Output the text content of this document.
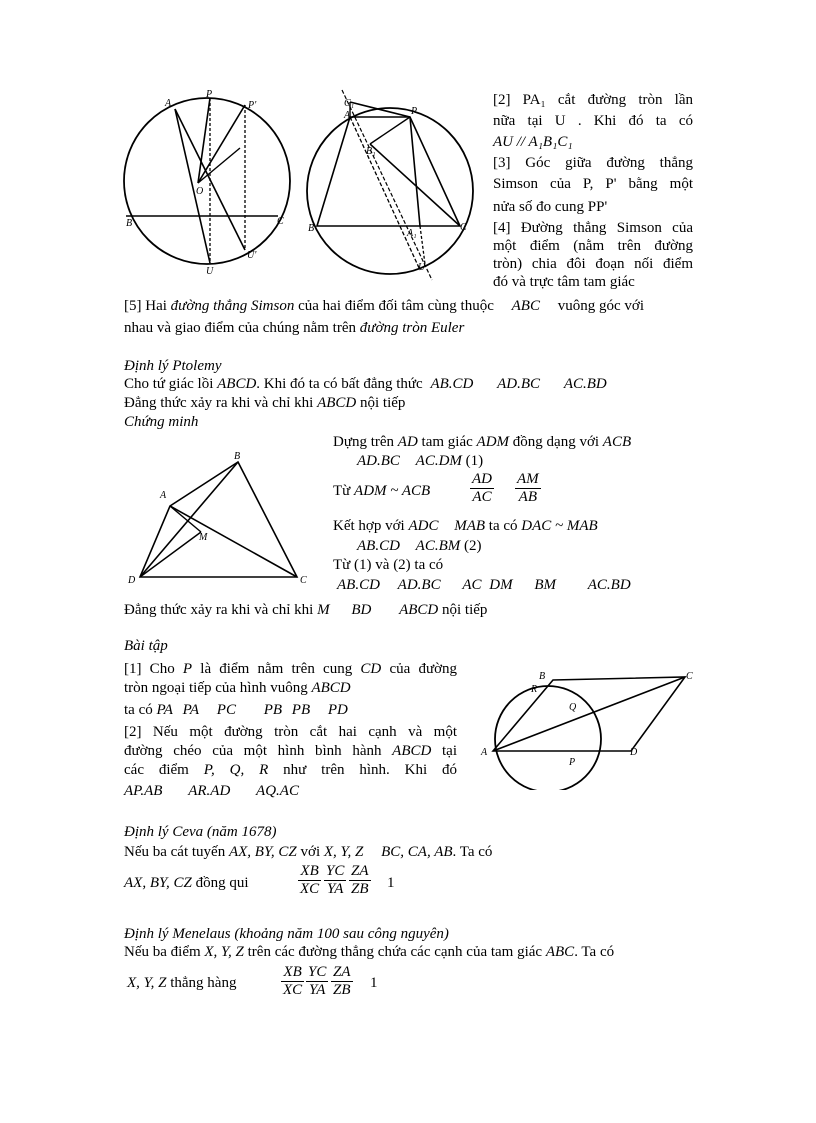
A
P
P'
O
B	C
U
U'
C₁
A	P
B₁
B	C
A₁
U
[2] PA₁ cắt đường tròn lần
nữa tại U . Khi đó ta có
AU // A₁B₁C₁
[3] Góc giữa đường thẳng
Simson của P, P' bằng một
nửa số đo cung PP'
[4] Đường thẳng Simson của
một điểm (nằm trên đường
tròn) chia đôi đoạn nối điểm
đó và trực tâm tam giác
[5] Hai đường thẳng Simson của hai điểm đối tâm cùng thuộc ABC vuông góc với
nhau và giao điểm của chúng nằm trên đường tròn Euler
Định lý Ptolemy
Cho tứ giác lồi ABCD. Khi đó ta có bất đẳng thức AB.CD AD.BC AC.BD
Đẳng thức xảy ra khi và chỉ khi ABCD nội tiếp
Chứng minh
B
A
M
D	C
Dựng trên AD tam giác ADM đồng dạng với ACB
AD.BC AC.DM (1)
Từ ADM ~ ACB	$\frac{AD}{AC} \frac{AM}{AB}$
Kết hợp với ADC MAB ta có DAC ~ MAB
AB.CD AC.BM (2)
Từ (1) và (2) ta có
AB.CD AD.BC AC DM BM AC.BD
Đẳng thức xảy ra khi và chỉ khi M BD ABCD nội tiếp
Bài tập
[1] Cho P là điểm nằm trên cung CD của đường
tròn ngoại tiếp của hình vuông ABCD
ta có PA PA PC PB PB PD
[2] Nếu một đường tròn cắt hai cạnh và một
đường chéo của một hình bình hành ABCD tại
các điểm P, Q, R như trên hình. Khi đó
AP.AB AR.AD AQ.AC
B
R
C
Q
A	D
P
Định lý Ceva (năm 1678)
Nếu ba cát tuyến AX, BY, CZ với X, Y, Z BC, CA, AB. Ta có
AX, BY, CZ đồng qui	$\frac{XB}{XC} \frac{YC}{YA} \frac{ZA}{ZB} 1$
Định lý Menelaus (khoảng năm 100 sau công nguyên)
Nếu ba điểm X, Y, Z trên các đường thẳng chứa các cạnh của tam giác ABC. Ta có
X, Y, Z thẳng hàng	$\frac{XB}{XC} \frac{YC}{YA} \frac{ZA}{ZB} 1$
